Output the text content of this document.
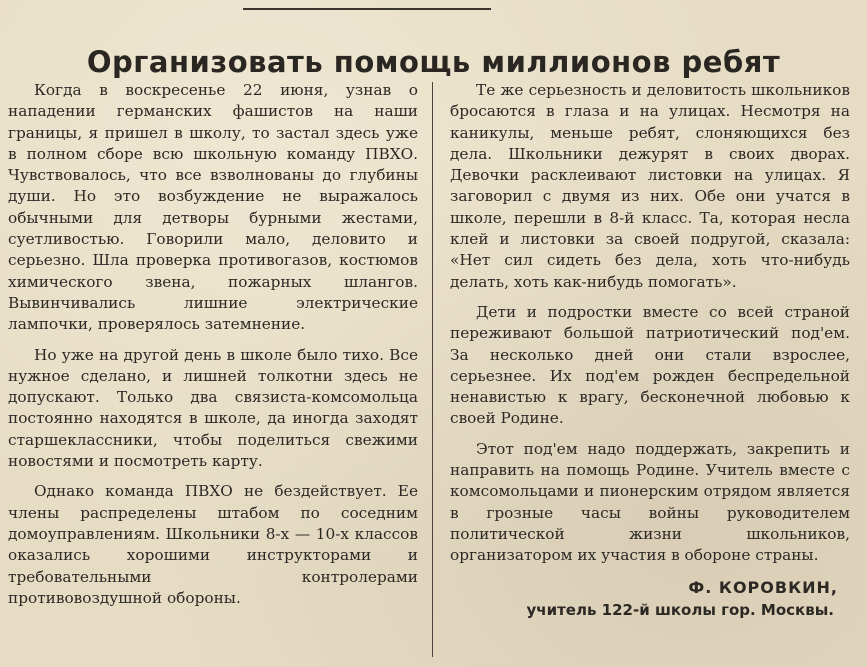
Организовать помощь миллионов ребят

Когда в воскресенье 22 июня, узнав о нападении германских фашистов на наши границы, я пришел в школу, то застал здесь уже в полном сборе всю школьную команду ПВХО. Чувствовалось, что все взволнованы до глубины души. Но это возбуждение не выражалось обычными для детворы бурными жестами, суетливостью. Говорили мало, деловито и серьезно. Шла проверка противогазов, костюмов химического звена, пожарных шлангов. Вывинчивались лишние электрические лампочки, проверялось затемнение.

Но уже на другой день в школе было тихо. Все нужное сделано, и лишней толкотни здесь не допускают. Только два связиста-комсомольца постоянно находятся в школе, да иногда заходят старшеклассники, чтобы поделиться свежими новостями и посмотреть карту.

Однако команда ПВХО не бездействует. Ее члены распределены штабом по соседним домоуправлениям. Школьники 8-х — 10-х классов оказались хорошими инструкторами и требовательными контролерами противовоздушной обороны.

Те же серьезность и деловитость школьников бросаются в глаза и на улицах. Несмотря на каникулы, меньше ребят, слоняющихся без дела. Школьники дежурят в своих дворах. Девочки расклеивают листовки на улицах. Я заговорил с двумя из них. Обе они учатся в школе, перешли в 8-й класс. Та, которая несла клей и листовки за своей подругой, сказала: «Нет сил сидеть без дела, хоть что-нибудь делать, хоть как-нибудь помогать».

Дети и подростки вместе со всей страной переживают большой патриотический под'ем. За несколько дней они стали взрослее, серьезнее. Их под'ем рожден беспредельной ненавистью к врагу, бесконечной любовью к своей Родине.

Этот под'ем надо поддержать, закрепить и направить на помощь Родине. Учитель вместе с комсомольцами и пионерским отрядом является в грозные часы войны руководителем политической жизни школьников, организатором их участия в обороне страны.

Ф. КОРОВКИН,
учитель 122-й школы гор. Москвы.
